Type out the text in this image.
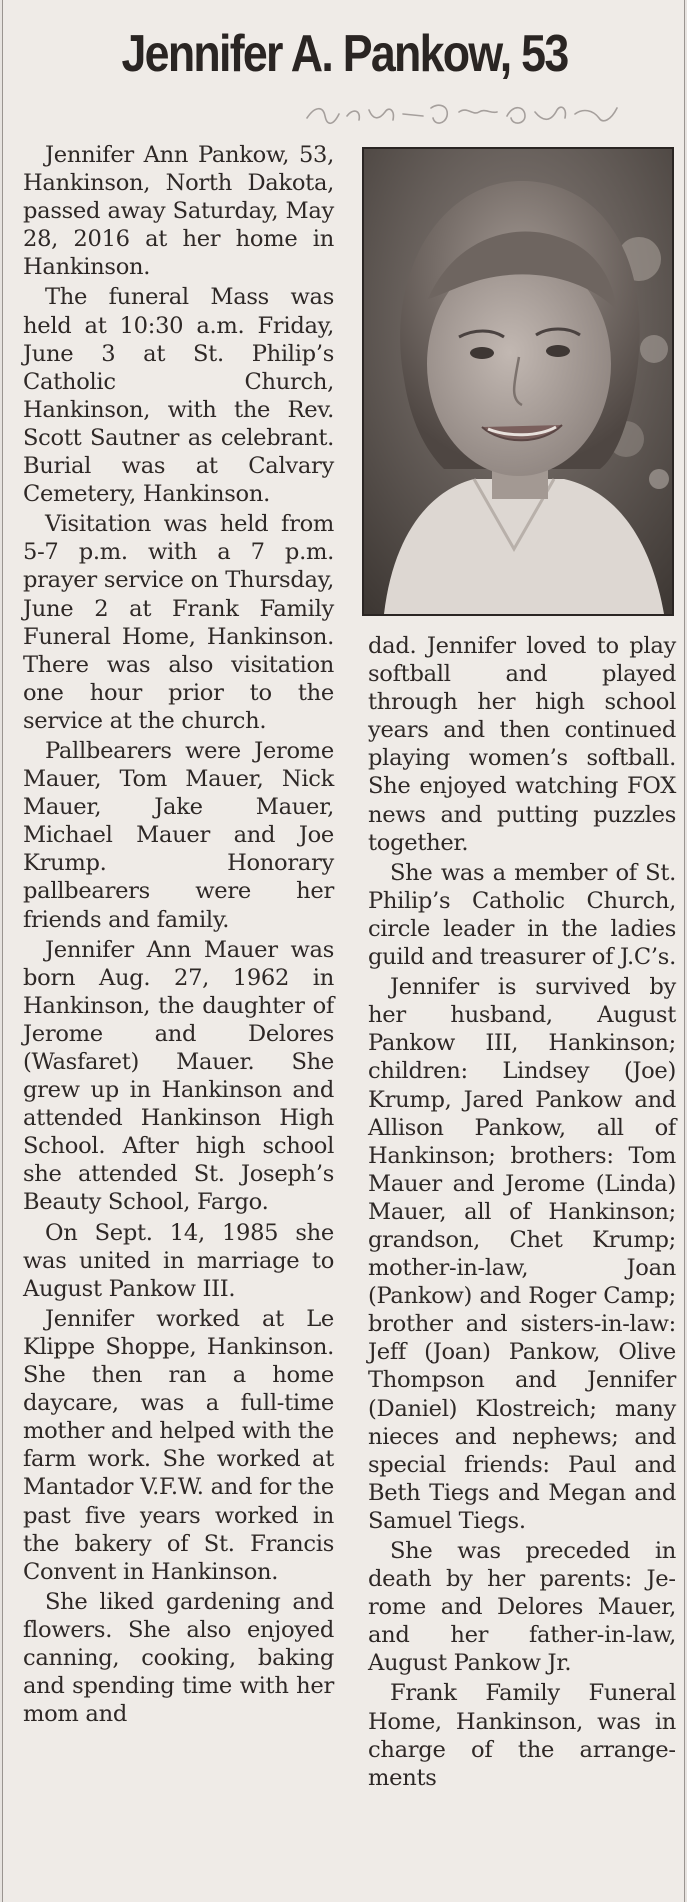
Jennifer A. Pankow, 53

Jennifer Ann Pankow, 53, Hankinson, North Dakota, passed away Saturday, May 28, 2016 at her home in Hankinson.

The funeral Mass was held at 10:30 a.m. Friday, June 3 at St. Philip’s Catholic Church, Hankinson, with the Rev. Scott Sautner as celebrant. Burial was at Calvary Cemetery, Hankinson.

Visitation was held from 5-7 p.m. with a 7 p.m. prayer service on Thursday, June 2 at Frank Family Funeral Home, Hankinson. There was also visitation one hour prior to the service at the church.

Pallbearers were Jerome Mauer, Tom Mauer, Nick Mauer, Jake Mauer, Michael Mauer and Joe Krump. Honorary pallbearers were her friends and family.

Jennifer Ann Mauer was born Aug. 27, 1962 in Hankinson, the daughter of Jerome and Delores (Wasfaret) Mauer. She grew up in Hankinson and attended Hankinson High School. After high school she attended St. Joseph’s Beauty School, Fargo.

On Sept. 14, 1985 she was united in marriage to August Pankow III.

Jennifer worked at Le Klippe Shoppe, Hankinson. She then ran a home daycare, was a full-time mother and helped with the farm work. She worked at Mantador V.F.W. and for the past five years worked in the bakery of St. Francis Convent in Hankinson.

She liked gardening and flowers. She also enjoyed canning, cooking, baking and spending time with her mom and

dad. Jennifer loved to play softball and played through her high school years and then continued playing women’s softball. She enjoyed watching FOX news and putting puzzles together.

She was a member of St. Philip’s Catholic Church, circle leader in the ladies guild and treasurer of J.C’s.

Jennifer is survived by her husband, August Pankow III, Hankinson; children: Lindsey (Joe) Krump, Jared Pankow and Allison Pankow, all of Hankinson; brothers: Tom Mauer and Jerome (Linda) Mauer, all of Hankinson; grandson, Chet Krump; mother-in-law, Joan (Pankow) and Roger Camp; brother and sisters-in-law: Jeff (Joan) Pankow, Olive Thompson and Jennifer (Daniel) Klostreich; many nieces and nephews; and special friends: Paul and Beth Tiegs and Megan and Samuel Tiegs.

She was preceded in death by her parents: Jerome and Delores Mauer, and her father-in-law, August Pankow Jr.

Frank Family Funeral Home, Hankinson, was in charge of the arrangements
